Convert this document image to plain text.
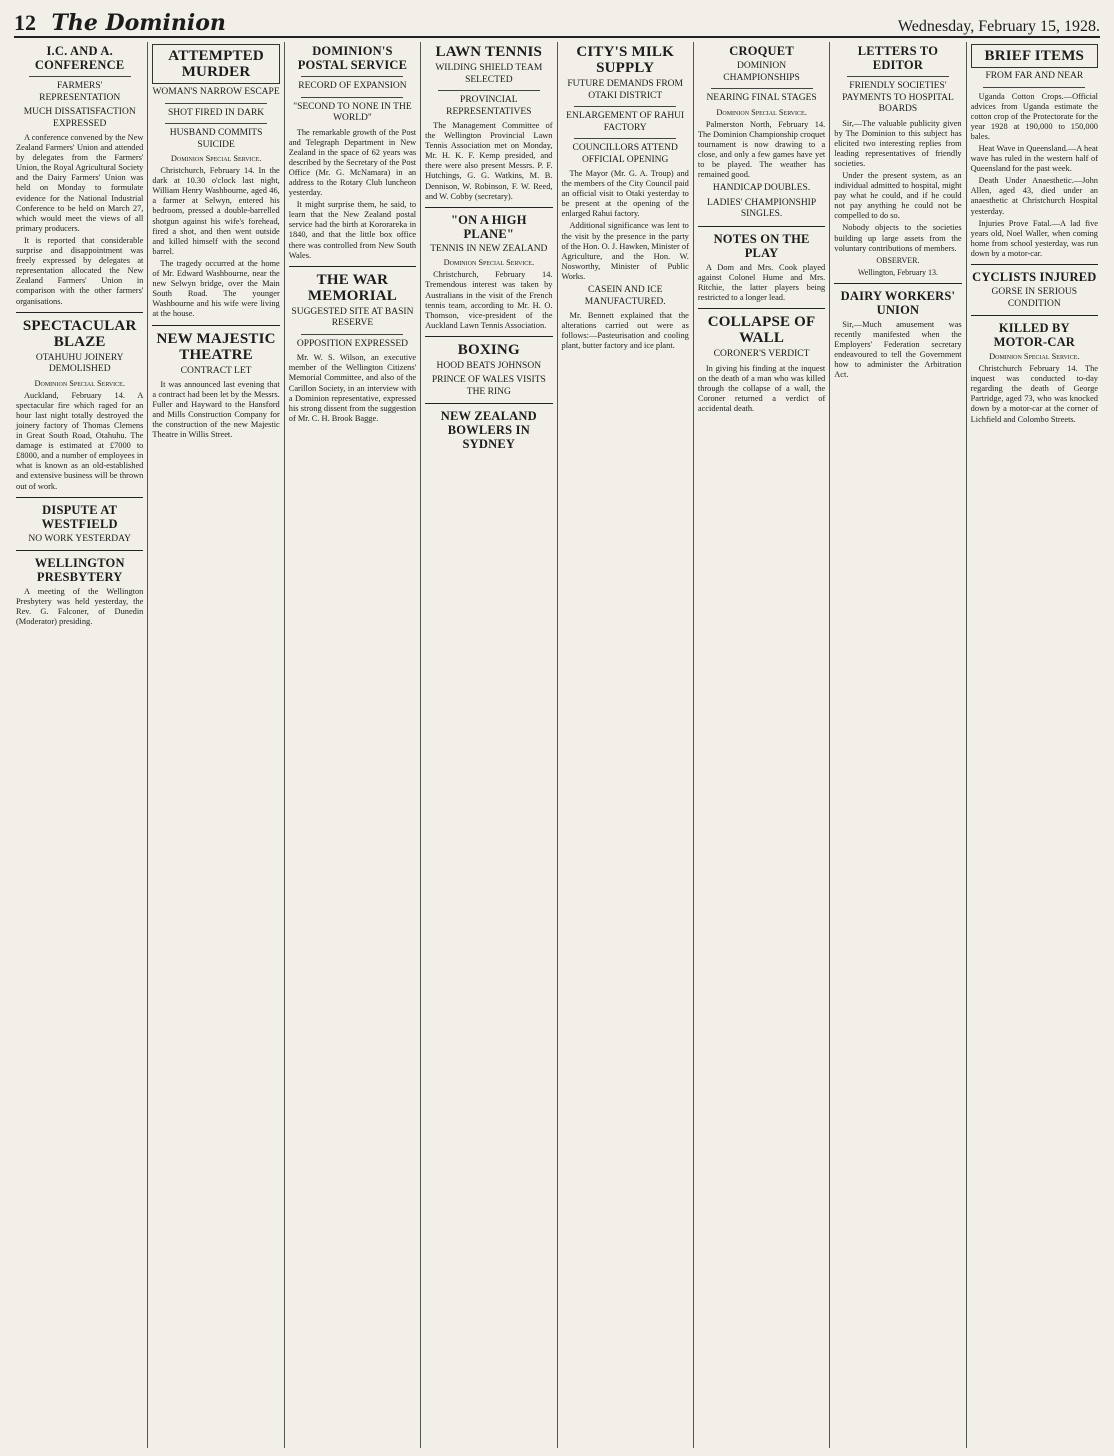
12 The Dominion	Wednesday, February 15, 1928.
I.C. AND A. CONFERENCE
FARMERS' REPRESENTATION
MUCH DISSATISFACTION EXPRESSED

A conference convened by the New Zealand Farmers' Union and attended by delegates from the Farmers' Union, the Royal Agricultural Society and the Dairy Farmers' Union was held on Monday to formulate evidence for the National Industrial Conference to be held on March 27, which would meet the views of all primary producers.

It is reported that considerable surprise and disappointment was freely expressed by delegates at representation allocated the New Zealand Farmers' Union in comparison with the other farmers' organisations.

SPECTACULAR BLAZE
OTAHUHU JOINERY DEMOLISHED
Dominion Special Service.

Auckland, February 14. A spectacular fire which raged for an hour last night totally destroyed the joinery factory of Thomas Clemens in Great South Road, Otahuhu. The damage is estimated at £7000 to £8000, and a number of employees in what is known as an old-established and extensive business will be thrown out of work.

DISPUTE AT WESTFIELD
NO WORK YESTERDAY
WELLINGTON PRESBYTERY

A meeting of the Wellington Presbytery was held yesterday, the Rev. G. Falconer, of Dunedin (Moderator) presiding.

ATTEMPTED MURDER
WOMAN'S NARROW ESCAPE
SHOT FIRED IN DARK
HUSBAND COMMITS SUICIDE
Dominion Special Service.

Christchurch, February 14. In the dark at 10.30 o'clock last night, William Henry Washbourne, aged 46, a farmer at Selwyn, entered his bedroom, pressed a double-barrelled shotgun against his wife's forehead, fired a shot, and then went outside and killed himself with the second barrel.

The tragedy occurred at the home of Mr. Edward Washbourne, near the new Selwyn bridge, over the Main South Road. The younger Washbourne and his wife were living at the house.

NEW MAJESTIC THEATRE
CONTRACT LET

It was announced last evening that a contract had been let by the Messrs. Fuller and Hayward to the Hansford and Mills Construction Company for the construction of the new Majestic Theatre in Willis Street.

DOMINION'S POSTAL SERVICE
RECORD OF EXPANSION
"SECOND TO NONE IN THE WORLD"

The remarkable growth of the Post and Telegraph Department in New Zealand in the space of 62 years was described by the Secretary of the Post Office (Mr. G. McNamara) in an address to the Rotary Club luncheon yesterday.

It might surprise them, he said, to learn that the New Zealand postal service had the birth at Kororareka in 1840, and that the little box office there was controlled from New South Wales.

THE WAR MEMORIAL
SUGGESTED SITE AT BASIN RESERVE
OPPOSITION EXPRESSED

Mr. W. S. Wilson, an executive member of the Wellington Citizens' Memorial Committee, and also of the Carillon Society, in an interview with a Dominion representative, expressed his strong dissent from the suggestion of Mr. C. H. Brook Bagge.

LAWN TENNIS
WILDING SHIELD TEAM SELECTED
PROVINCIAL REPRESENTATIVES

The Management Committee of the Wellington Provincial Lawn Tennis Association met on Monday, Mr. H. K. F. Kemp presided, and there were also present Messrs. P. F. Hutchings, G. G. Watkins, M. B. Dennison, W. Robinson, F. W. Reed, and W. Cobby (secretary).

"ON A HIGH PLANE"
TENNIS IN NEW ZEALAND
Dominion Special Service.

Christchurch, February 14. Tremendous interest was taken by Australians in the visit of the French tennis team, according to Mr. H. O. Thomson, vice-president of the Auckland Lawn Tennis Association.

BOXING
HOOD BEATS JOHNSON
PRINCE OF WALES VISITS THE RING
NEW ZEALAND BOWLERS IN SYDNEY
CITY'S MILK SUPPLY
FUTURE DEMANDS FROM OTAKI DISTRICT
ENLARGEMENT OF RAHUI FACTORY
COUNCILLORS ATTEND OFFICIAL OPENING

The Mayor (Mr. G. A. Troup) and the members of the City Council paid an official visit to Otaki yesterday to be present at the opening of the enlarged Rahui factory.

Additional significance was lent to the visit by the presence in the party of the Hon. O. J. Hawken, Minister of Agriculture, and the Hon. W. Nosworthy, Minister of Public Works.

CASEIN AND ICE MANUFACTURED.

Mr. Bennett explained that the alterations carried out were as follows:—Pasteurisation and cooling plant, butter factory and ice plant.

CROQUET
DOMINION CHAMPIONSHIPS
NEARING FINAL STAGES
Dominion Special Service.

Palmerston North, February 14. The Dominion Championship croquet tournament is now drawing to a close, and only a few games have yet to be played. The weather has remained good.

HANDICAP DOUBLES.
LADIES' CHAMPIONSHIP SINGLES.
NOTES ON THE PLAY

A Dom and Mrs. Cook played against Colonel Hume and Mrs. Ritchie, the latter players being restricted to a longer lead.

COLLAPSE OF WALL
CORONER'S VERDICT

In giving his finding at the inquest on the death of a man who was killed through the collapse of a wall, the Coroner returned a verdict of accidental death.

LETTERS TO EDITOR
FRIENDLY SOCIETIES' PAYMENTS TO HOSPITAL BOARDS

Sir,—The valuable publicity given by The Dominion to this subject has elicited two interesting replies from leading representatives of friendly societies.

Under the present system, as an individual admitted to hospital, might pay what he could, and if he could not pay anything he could not be compelled to do so.

Nobody objects to the societies building up large assets from the voluntary contributions of members.

OBSERVER.
Wellington, February 13.
DAIRY WORKERS' UNION

Sir,—Much amusement was recently manifested when the Employers' Federation secretary endeavoured to tell the Government how to administer the Arbitration Act.

BRIEF ITEMS
FROM FAR AND NEAR

Uganda Cotton Crops.—Official advices from Uganda estimate the cotton crop of the Protectorate for the year 1928 at 190,000 to 150,000 bales.

Heat Wave in Queensland.—A heat wave has ruled in the western half of Queensland for the past week.

Death Under Anaesthetic.—John Allen, aged 43, died under an anaesthetic at Christchurch Hospital yesterday.

Injuries Prove Fatal.—A lad five years old, Noel Waller, when coming home from school yesterday, was run down by a motor-car.

CYCLISTS INJURED
GORSE IN SERIOUS CONDITION
KILLED BY MOTOR-CAR
Dominion Special Service.

Christchurch February 14. The inquest was conducted to-day regarding the death of George Partridge, aged 73, who was knocked down by a motor-car at the corner of Lichfield and Colombo Streets.
